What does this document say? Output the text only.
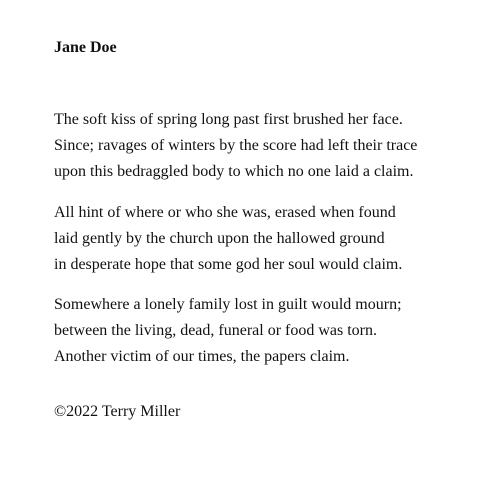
Jane Doe
The soft kiss of spring long past first brushed her face.
Since; ravages of winters by the score had left their trace
upon this bedraggled body to which no one laid a claim.
All hint of where or who she was, erased when found
laid gently by the church upon the hallowed ground
in desperate hope that some god her soul would claim.
Somewhere a lonely family lost in guilt would mourn;
between the living, dead, funeral or food was torn.
Another victim of our times, the papers claim.
©2022 Terry Miller
